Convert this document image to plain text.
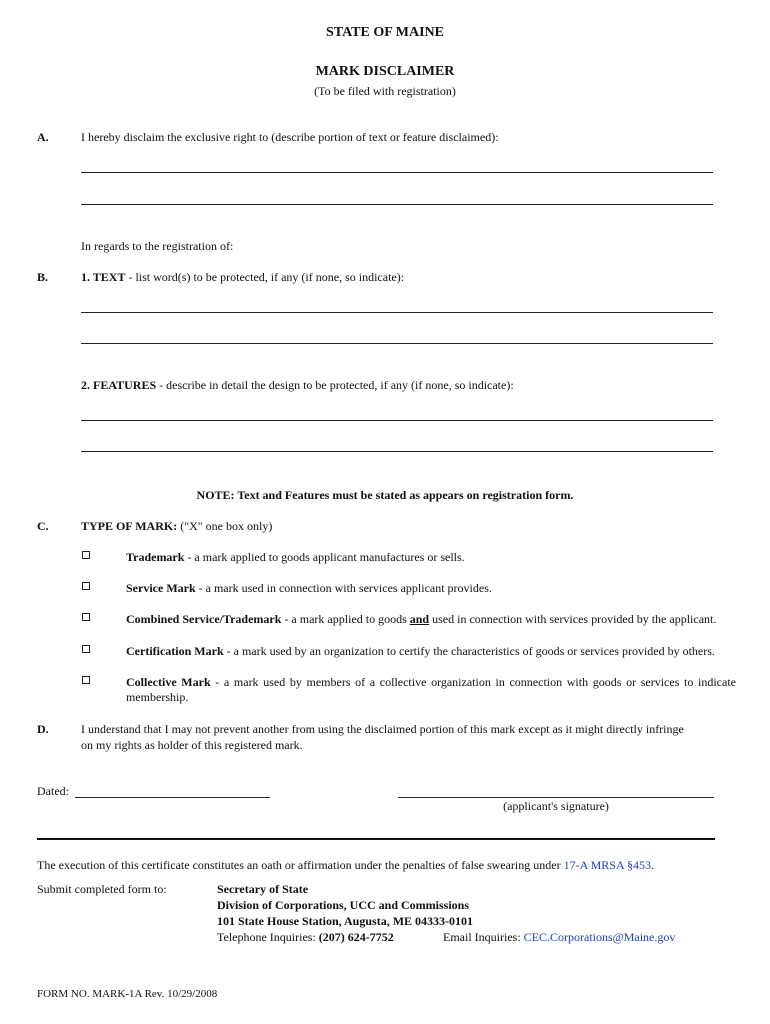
STATE OF MAINE
MARK DISCLAIMER
(To be filed with registration)
A.	I hereby disclaim the exclusive right to (describe portion of text or feature disclaimed):
In regards to the registration of:
B.	1. TEXT - list word(s) to be protected, if any (if none, so indicate):
2. FEATURES - describe in detail the design to be protected, if any (if none, so indicate):
NOTE: Text and Features must be stated as appears on registration form.
C.	TYPE OF MARK: ("X" one box only)
Trademark - a mark applied to goods applicant manufactures or sells.
Service Mark - a mark used in connection with services applicant provides.
Combined Service/Trademark - a mark applied to goods and used in connection with services provided by the applicant.
Certification Mark - a mark used by an organization to certify the characteristics of goods or services provided by others.
Collective Mark - a mark used by members of a collective organization in connection with goods or services to indicate membership.
D.	I understand that I may not prevent another from using the disclaimed portion of this mark except as it might directly infringe
on my rights as holder of this registered mark.
Dated:
(applicant's signature)
The execution of this certificate constitutes an oath or affirmation under the penalties of false swearing under 17-A MRSA §453.
Submit completed form to:	Secretary of State
Division of Corporations, UCC and Commissions
101 State House Station, Augusta, ME 04333-0101
Telephone Inquiries: (207) 624-7752	Email Inquiries: CEC.Corporations@Maine.gov
FORM NO. MARK-1A Rev. 10/29/2008
